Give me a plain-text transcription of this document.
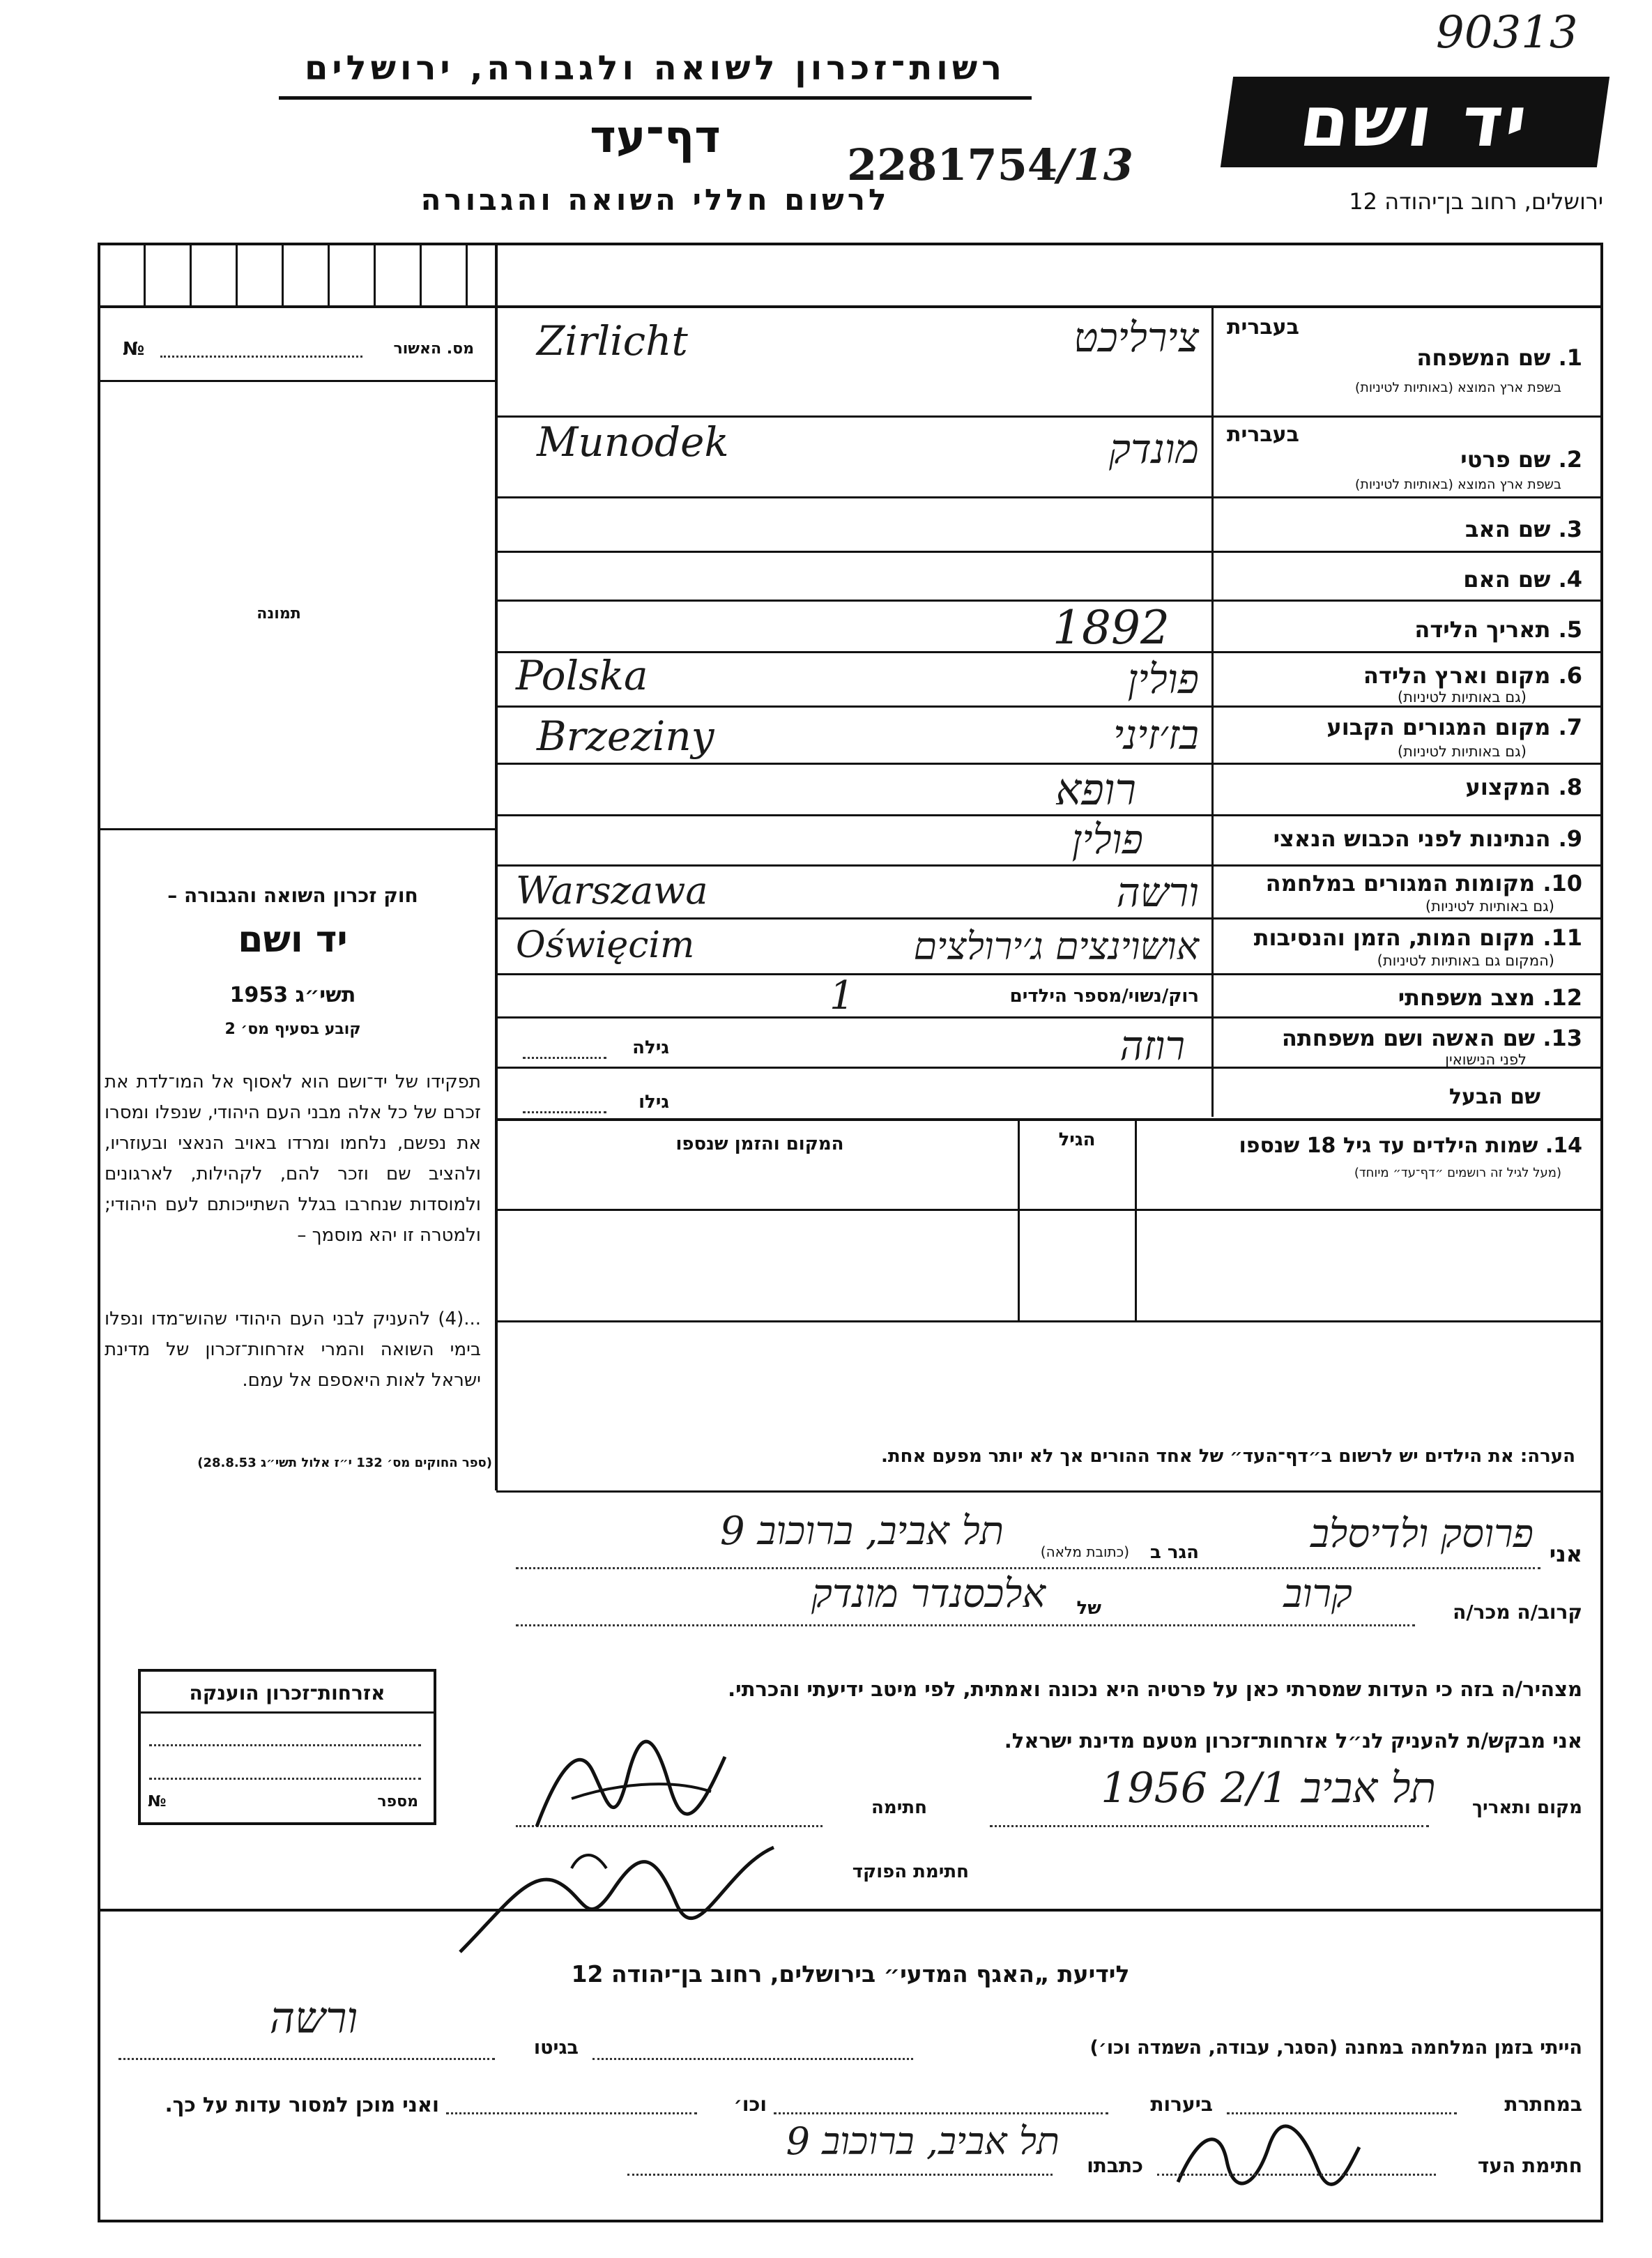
90313
רשות־זכרון לשואה ולגבורה, ירושלים
דף־עד
2281754/13
לרשום חללי השואה והגבורה
יד ושם
ירושלים, רחוב בן־יהודה 12
מס. האשור
№
תמונה
חוק זכרון השואה והגבורה –
יד ושם
תשי״ג 1953
קובע בסעיף מס׳ 2
תפקידו של יד־ושם הוא לאסוף אל המו־לדת את זכרם של כל אלה מבני העם היהודי, שנפלו ומסרו את נפשם, נלחמו ומרדו באויב הנאצי ובעוזריו, ולהציב שם וזכר להם, לקהילות, לארגונים ולמוסדות שנחרבו בגלל השתייכותם לעם היהודי; ולמטרה זו יהא מוסמך –
...(4) להעניק לבני העם היהודי שהוש־מדו ונפלו בימי השואה והמרי אזרחות־זכרון של מדינת ישראל לאות היאספם אל עמם.
(ספר החוקים מס׳ 132 י״ז אלול תשי״ג 28.8.53)
אזרחות־זכרון הוענקה
№	מספר
בעברית
1. שם המשפחה
בשפת ארץ המוצא (באותיות לטיניות)
Zirlicht	צירליכט
בעברית
2. שם פרטי
בשפת ארץ המוצא (באותיות לטיניות)
Munodek	מונדק
3. שם האב
4. שם האם
5. תאריך הלידה
1892
6. מקום וארץ הלידה
(גם באותיות לטיניות)
Polska	פולין
7. מקום המגורים הקבוע
(גם באותיות לטיניות)
Brzeziny	בז׳זיני
8. המקצוע
רופא
9. הנתינות לפני הכבוש הנאצי
פולין
10. מקומות המגורים במלחמה
(גם באותיות לטיניות)
Warszawa	ורשה
11. מקום המות, הזמן והנסיבות
(המקום גם באותיות לטיניות)
Oświęcim	אושוינצים ג׳ירולצים
12. מצב משפחתי
רוק/נשוי/מספר הילדים
1
13. שם האשה ושם משפחתה
לפני הנישואין
רוזה
גילה
שם הבעל
גילו
14. שמות הילדים עד גיל 18 שנספו
(מעל לגיל זה רושמים ״דף־עד״ מיוחד)
הגיל
המקום והזמן שנספו
הערה: את הילדים יש לרשום ב״דף־העד״ של אחד ההורים אך לא יותר מפעם אחת.
אני
פרוסק ולדיסלב
הגר ב
(כתובת מלאה)
תל אביב, ברוכוב 9
קרוב/ה מכר/ה
קרוב
של
אלכסנדר מונדק
מצהיר/ה בזה כי העדות שמסרתי כאן על פרטיה היא נכונה ואמתית, לפי מיטב ידיעתי והכרתי.
אני מבקש/ת להעניק לנ״ל אזרחות־זכרון מטעם מדינת ישראל.
מקום ותאריך
תל אביב 2/1 1956
חתימה
חתימת הפוקד
לידיעת „האגף המדעי״ בירושלים, רחוב בן־יהודה 12
הייתי בזמן המלחמה במחנה (הסגר, עבודה, השמדה וכו׳)
בגיטו
ורשה
במחתרת
ביערות
וכו׳
ואני מוכן למסור עדות על כך.
חתימת העד
כתבתו
תל אביב, ברוכוב 9
